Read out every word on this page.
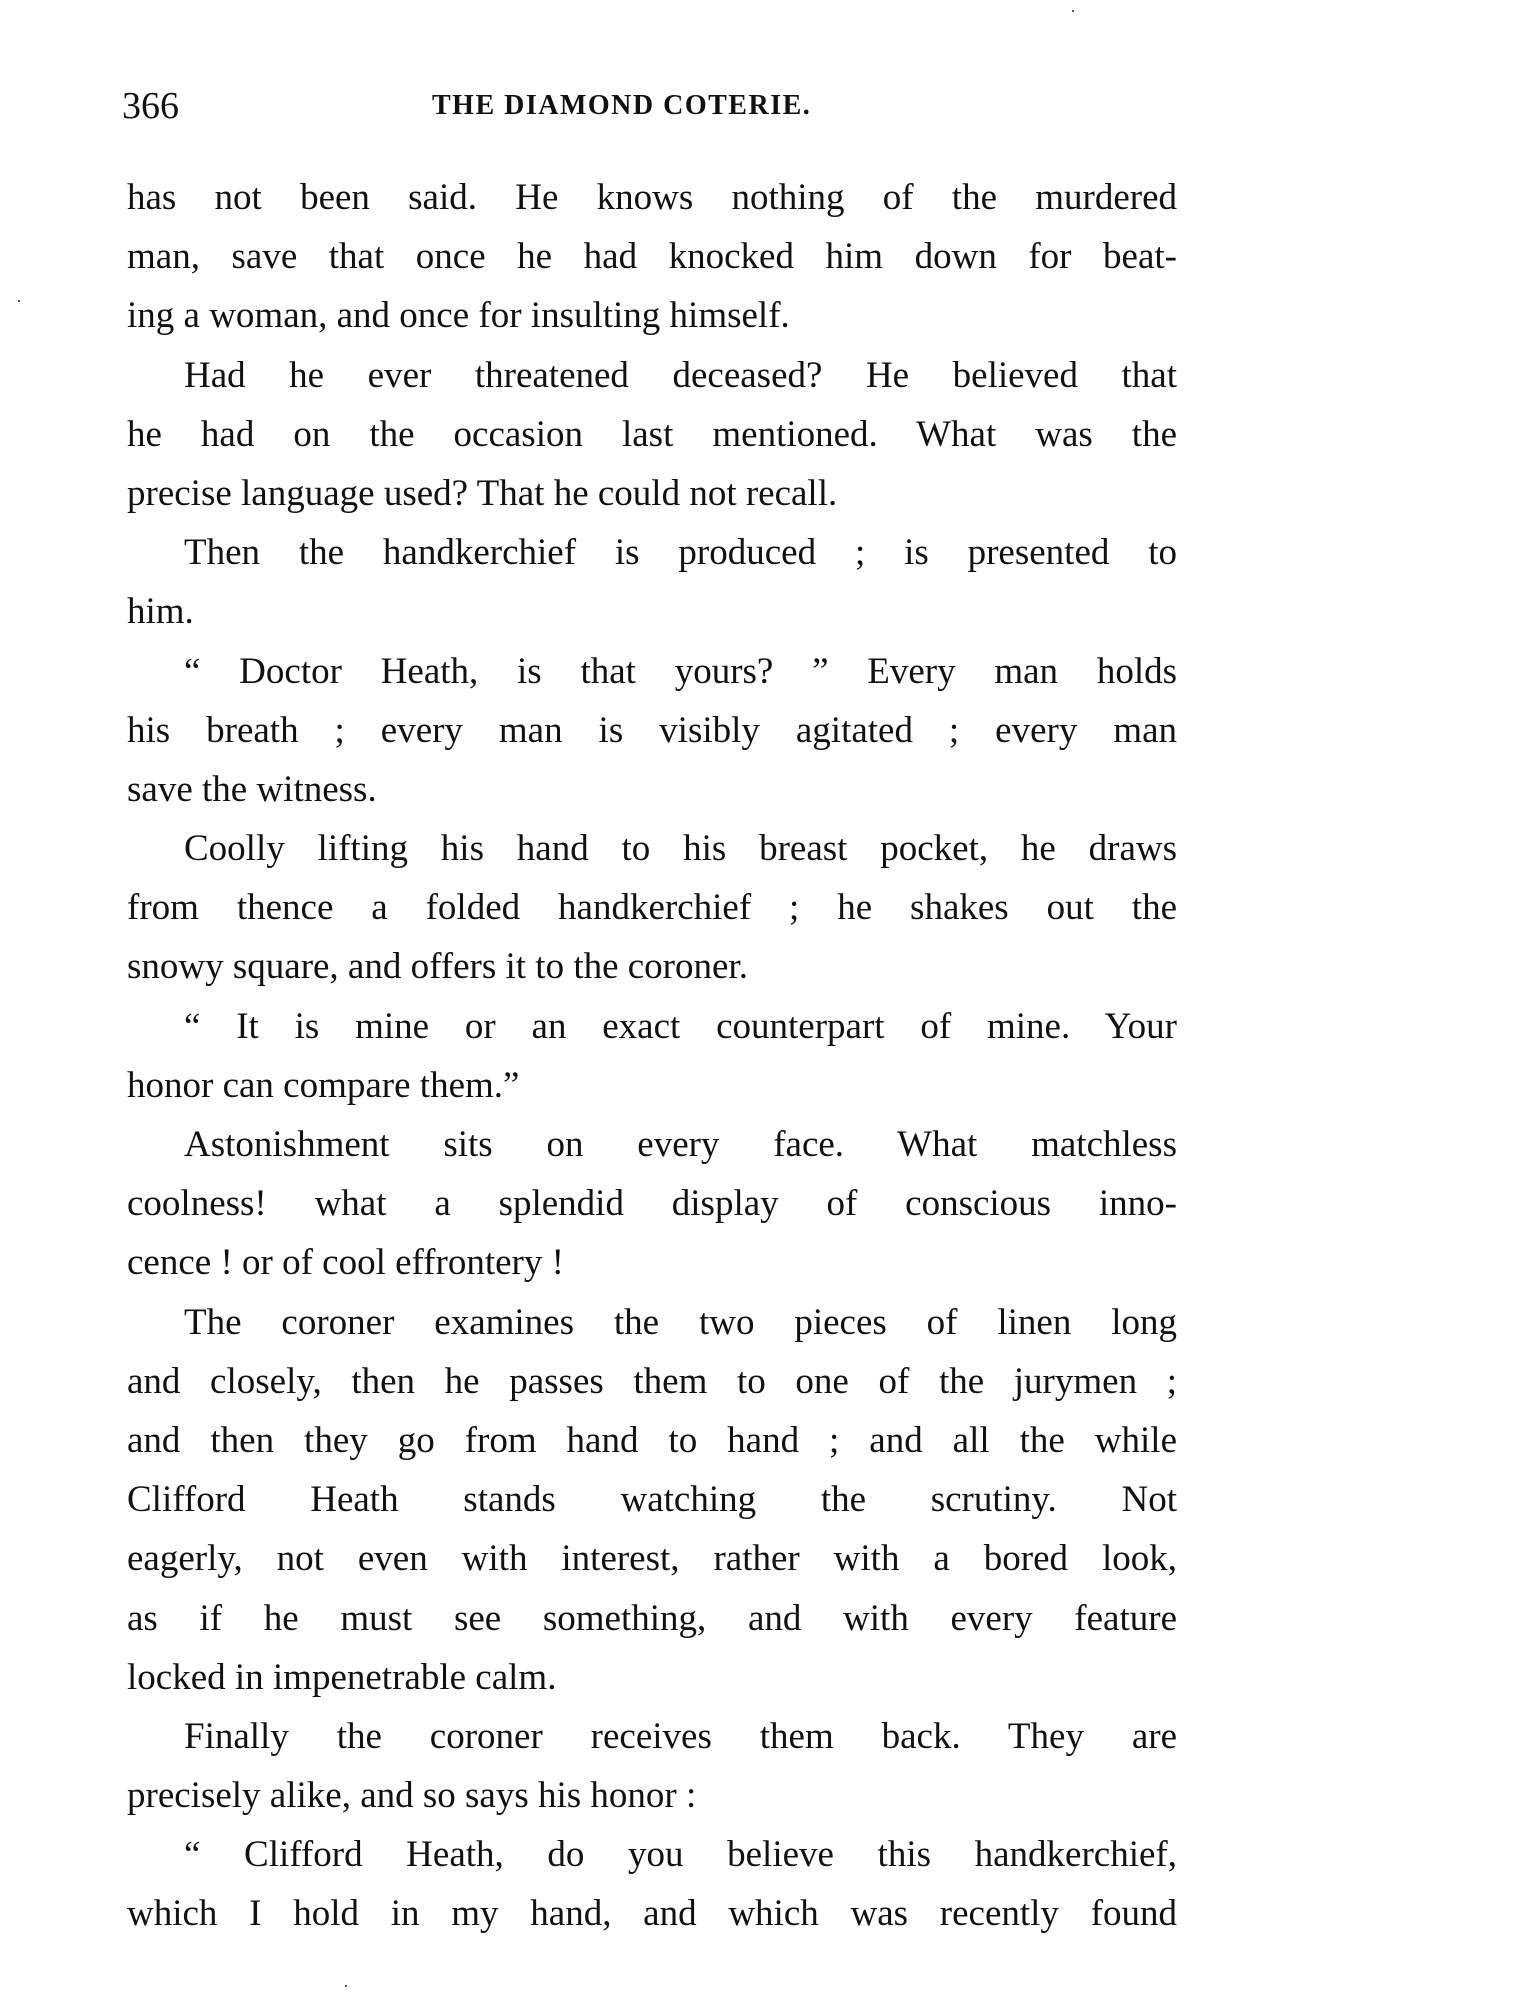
366	THE DIAMOND COTERIE.
has not been said. He knows nothing of the murdered
man, save that once he had knocked him down for beat-
ing a woman, and once for insulting himself.
Had he ever threatened deceased? He believed that
he had on the occasion last mentioned. What was the
precise language used? That he could not recall.
Then the handkerchief is produced ; is presented to
him.
“ Doctor Heath, is that yours? ” Every man holds
his breath ; every man is visibly agitated ; every man
save the witness.
Coolly lifting his hand to his breast pocket, he draws
from thence a folded handkerchief ; he shakes out the
snowy square, and offers it to the coroner.
“ It is mine or an exact counterpart of mine. Your
honor can compare them.”
Astonishment sits on every face. What matchless
coolness! what a splendid display of conscious inno-
cence ! or of cool effrontery !
The coroner examines the two pieces of linen long
and closely, then he passes them to one of the jurymen ;
and then they go from hand to hand ; and all the while
Clifford Heath stands watching the scrutiny. Not
eagerly, not even with interest, rather with a bored look,
as if he must see something, and with every feature
locked in impenetrable calm.
Finally the coroner receives them back. They are
precisely alike, and so says his honor :
“ Clifford Heath, do you believe this handkerchief,
which I hold in my hand, and which was recently found
